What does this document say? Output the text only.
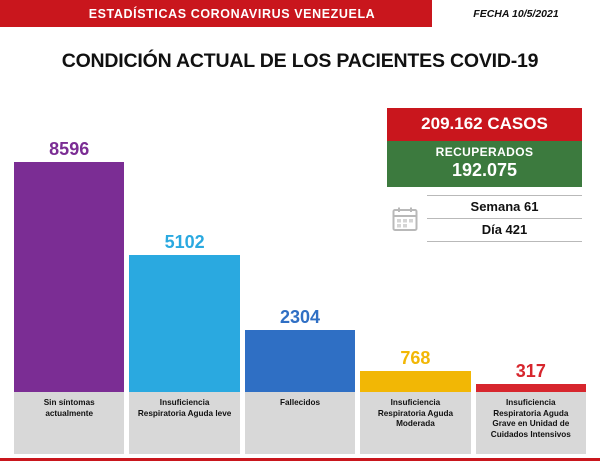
ESTADÍSTICAS CORONAVIRUS VENEZUELA	FECHA 10/5/2021
CONDICIÓN ACTUAL DE LOS PACIENTES COVID-19
209.162 CASOS
RECUPERADOS
192.075
Semana 61
Día 421
8596
5102
2304
768
317
Sin síntomas
actualmente
Insuficiencia
Respiratoria Aguda leve
Fallecidos	Insuficiencia
Respiratoria Aguda
Moderada
Insuficiencia
Respiratoria Aguda
Grave en Unidad de
Cuidados Intensivos
